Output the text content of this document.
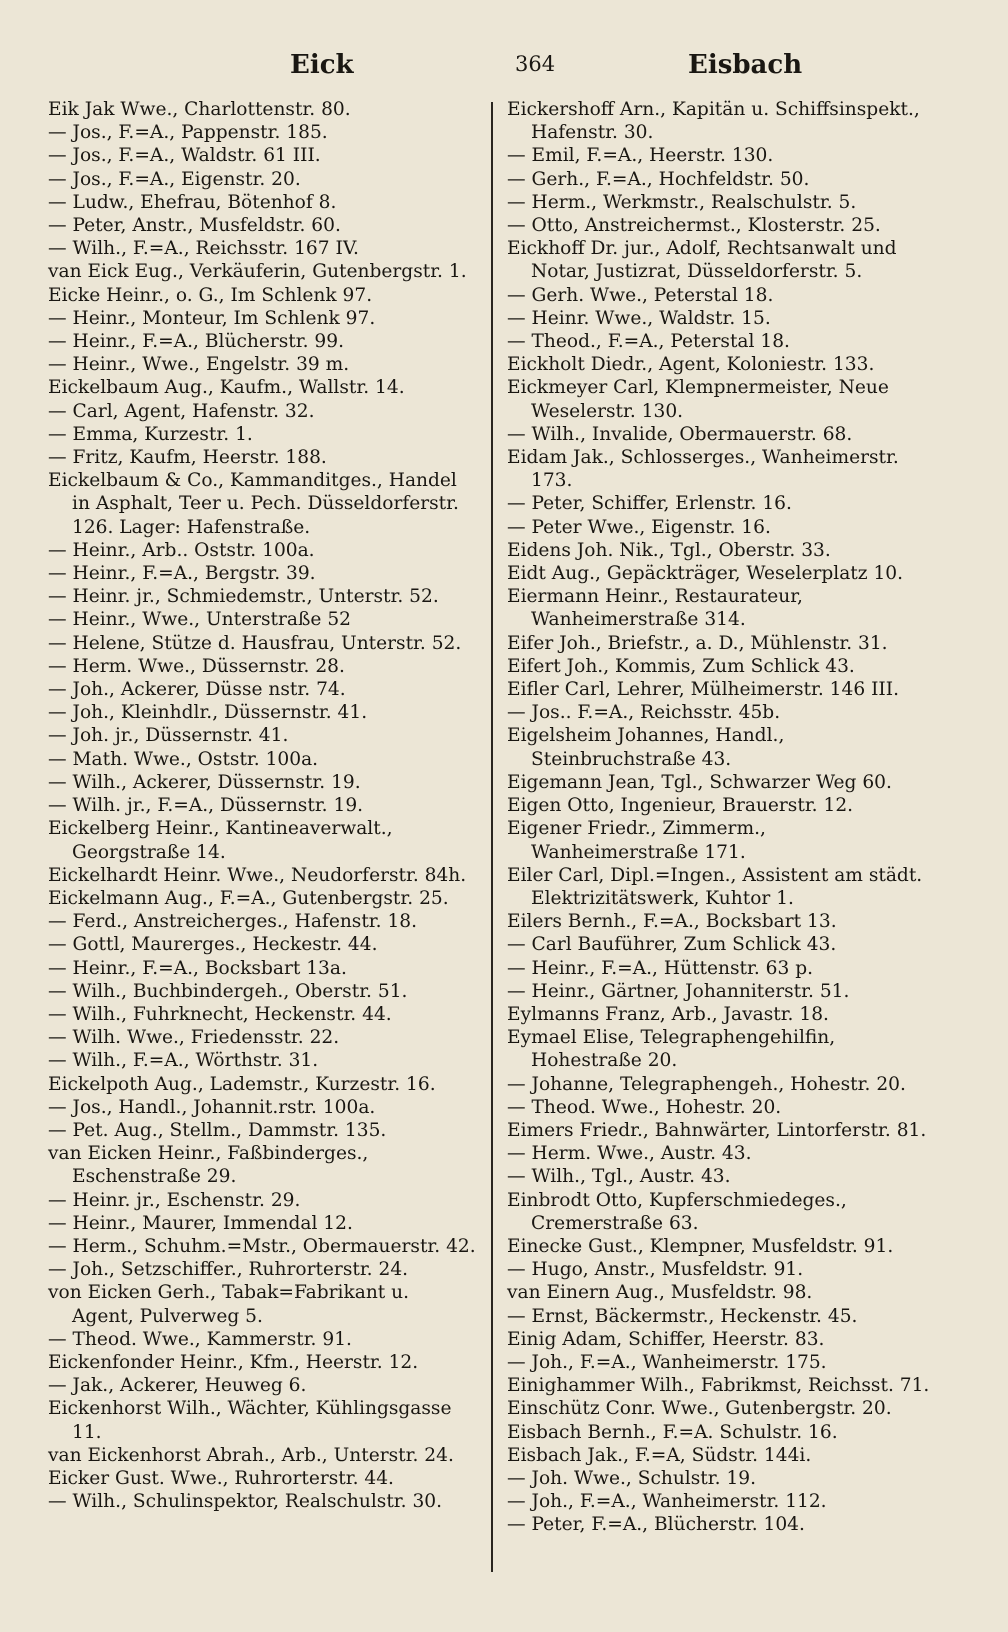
Eick	364	Eisbach

Eik Jak Wwe., Charlottenstr. 80.

— Jos., F.=A., Pappenstr. 185.

— Jos., F.=A., Waldstr. 61 III.

— Jos., F.=A., Eigenstr. 20.

— Ludw., Ehefrau, Bötenhof 8.

— Peter, Anstr., Musfeldstr. 60.

— Wilh., F.=A., Reichsstr. 167 IV.

van Eick Eug., Verkäuferin, Gutenbergstr. 1.

Eicke Heinr., o. G., Im Schlenk 97.

— Heinr., Monteur, Im Schlenk 97.

— Heinr., F.=A., Blücherstr. 99.

— Heinr., Wwe., Engelstr. 39 m.

Eickelbaum Aug., Kaufm., Wallstr. 14.

— Carl, Agent, Hafenstr. 32.

— Emma, Kurzestr. 1.

— Fritz, Kaufm, Heerstr. 188.

Eickelbaum & Co., Kammanditges., Handel in Asphalt, Teer u. Pech. Düsseldorferstr. 126. Lager: Hafenstraße.

— Heinr., Arb.. Oststr. 100a.

— Heinr., F.=A., Bergstr. 39.

— Heinr. jr., Schmiedemstr., Unterstr. 52.

— Heinr., Wwe., Unterstraße 52

— Helene, Stütze d. Hausfrau, Unterstr. 52.

— Herm. Wwe., Düssernstr. 28.

— Joh., Ackerer, Düsse nstr. 74.

— Joh., Kleinhdlr., Düssernstr. 41.

— Joh. jr., Düssernstr. 41.

— Math. Wwe., Oststr. 100a.

— Wilh., Ackerer, Düssernstr. 19.

— Wilh. jr., F.=A., Düssernstr. 19.

Eickelberg Heinr., Kantineaverwalt., Georgstraße 14.

Eickelhardt Heinr. Wwe., Neudorferstr. 84h.

Eickelmann Aug., F.=A., Gutenbergstr. 25.

— Ferd., Anstreicherges., Hafenstr. 18.

— Gottl, Maurerges., Heckestr. 44.

— Heinr., F.=A., Bocksbart 13a.

— Wilh., Buchbindergeh., Oberstr. 51.

— Wilh., Fuhrknecht, Heckenstr. 44.

— Wilh. Wwe., Friedensstr. 22.

— Wilh., F.=A., Wörthstr. 31.

Eickelpoth Aug., Lademstr., Kurzestr. 16.

— Jos., Handl., Johannit.rstr. 100a.

— Pet. Aug., Stellm., Dammstr. 135.

van Eicken Heinr., Faßbinderges., Eschenstraße 29.

— Heinr. jr., Eschenstr. 29.

— Heinr., Maurer, Immendal 12.

— Herm., Schuhm.=Mstr., Obermauerstr. 42.

— Joh., Setzschiffer., Ruhrorterstr. 24.

von Eicken Gerh., Tabak=Fabrikant u. Agent, Pulverweg 5.

— Theod. Wwe., Kammerstr. 91.

Eickenfonder Heinr., Kfm., Heerstr. 12.

— Jak., Ackerer, Heuweg 6.

Eickenhorst Wilh., Wächter, Kühlingsgasse 11.

van Eickenhorst Abrah., Arb., Unterstr. 24.

Eicker Gust. Wwe., Ruhrorterstr. 44.

— Wilh., Schulinspektor, Realschulstr. 30.

Eickershoff Arn., Kapitän u. Schiffsinspekt., Hafenstr. 30.

— Emil, F.=A., Heerstr. 130.

— Gerh., F.=A., Hochfeldstr. 50.

— Herm., Werkmstr., Realschulstr. 5.

— Otto, Anstreichermst., Klosterstr. 25.

Eickhoff Dr. jur., Adolf, Rechtsanwalt und Notar, Justizrat, Düsseldorferstr. 5.

— Gerh. Wwe., Peterstal 18.

— Heinr. Wwe., Waldstr. 15.

— Theod., F.=A., Peterstal 18.

Eickholt Diedr., Agent, Koloniestr. 133.

Eickmeyer Carl, Klempnermeister, Neue Weselerstr. 130.

— Wilh., Invalide, Obermauerstr. 68.

Eidam Jak., Schlosserges., Wanheimerstr. 173.

— Peter, Schiffer, Erlenstr. 16.

— Peter Wwe., Eigenstr. 16.

Eidens Joh. Nik., Tgl., Oberstr. 33.

Eidt Aug., Gepäckträger, Weselerplatz 10.

Eiermann Heinr., Restaurateur, Wanheimerstraße 314.

Eifer Joh., Briefstr., a. D., Mühlenstr. 31.

Eifert Joh., Kommis, Zum Schlick 43.

Eifler Carl, Lehrer, Mülheimerstr. 146 III.

— Jos.. F.=A., Reichsstr. 45b.

Eigelsheim Johannes, Handl., Steinbruchstraße 43.

Eigemann Jean, Tgl., Schwarzer Weg 60.

Eigen Otto, Ingenieur, Brauerstr. 12.

Eigener Friedr., Zimmerm., Wanheimerstraße 171.

Eiler Carl, Dipl.=Ingen., Assistent am städt. Elektrizitätswerk, Kuhtor 1.

Eilers Bernh., F.=A., Bocksbart 13.

— Carl Bauführer, Zum Schlick 43.

— Heinr., F.=A., Hüttenstr. 63 p.

— Heinr., Gärtner, Johanniterstr. 51.

Eylmanns Franz, Arb., Javastr. 18.

Eymael Elise, Telegraphengehilfin, Hohestraße 20.

— Johanne, Telegraphengeh., Hohestr. 20.

— Theod. Wwe., Hohestr. 20.

Eimers Friedr., Bahnwärter, Lintorferstr. 81.

— Herm. Wwe., Austr. 43.

— Wilh., Tgl., Austr. 43.

Einbrodt Otto, Kupferschmiedeges., Cremerstraße 63.

Einecke Gust., Klempner, Musfeldstr. 91.

— Hugo, Anstr., Musfeldstr. 91.

van Einern Aug., Musfeldstr. 98.

— Ernst, Bäckermstr., Heckenstr. 45.

Einig Adam, Schiffer, Heerstr. 83.

— Joh., F.=A., Wanheimerstr. 175.

Einighammer Wilh., Fabrikmst, Reichsst. 71.

Einschütz Conr. Wwe., Gutenbergstr. 20.

Eisbach Bernh., F.=A. Schulstr. 16.

Eisbach Jak., F.=A, Südstr. 144i.

— Joh. Wwe., Schulstr. 19.

— Joh., F.=A., Wanheimerstr. 112.

— Peter, F.=A., Blücherstr. 104.
